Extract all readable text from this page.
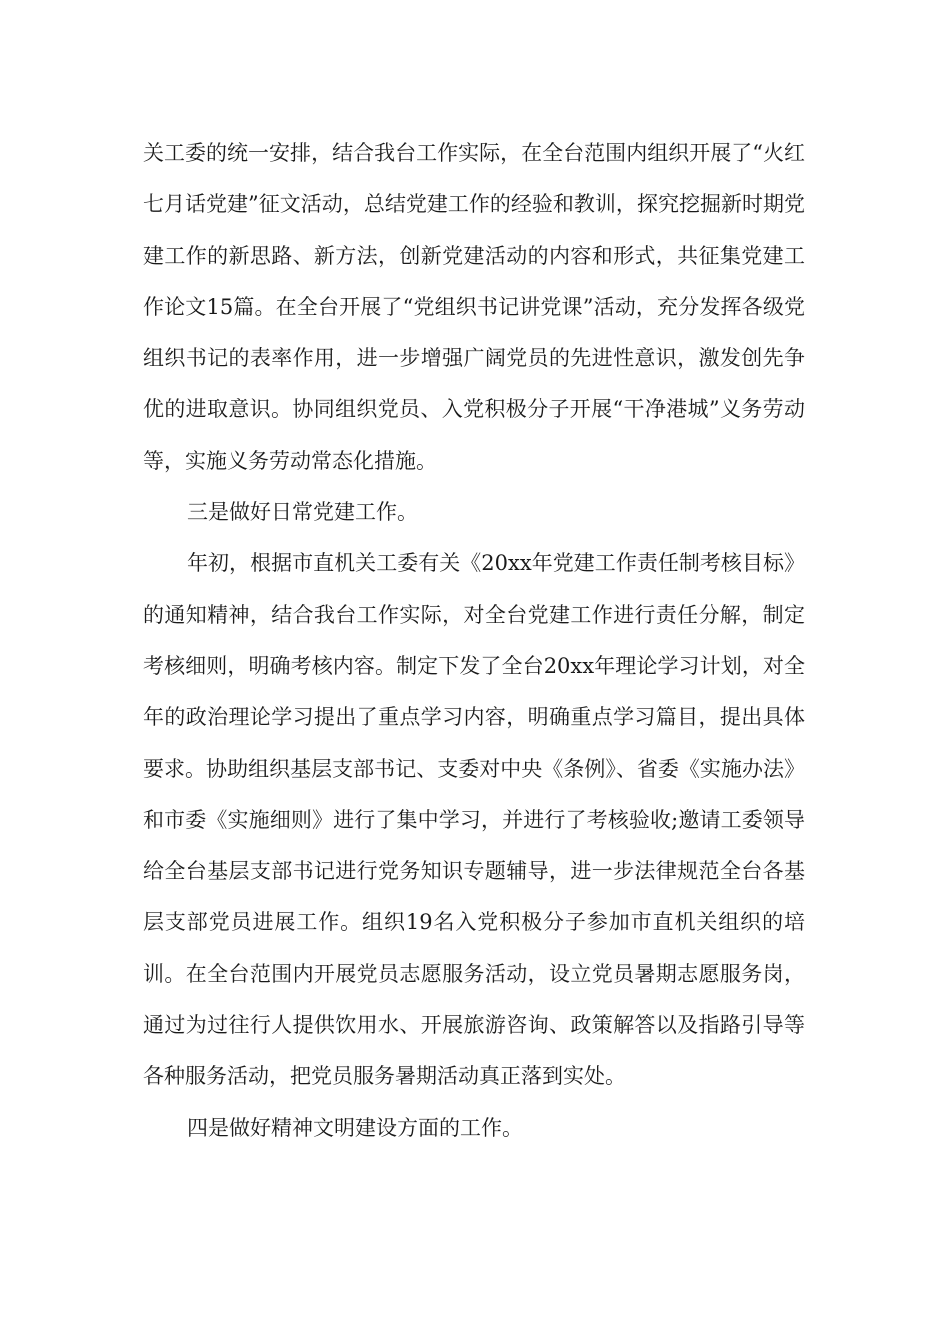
关工委的统一安排，结合我台工作实际，在全台范围内组织开展了“火红七月话党建”征文活动，总结党建工作的经验和教训，探究挖掘新时期党建工作的新思路、新方法，创新党建活动的内容和形式，共征集党建工作论文15篇。在全台开展了“党组织书记讲党课”活动，充分发挥各级党组织书记的表率作用，进一步增强广阔党员的先进性意识，激发创先争优的进取意识。协同组织党员、入党积极分子开展“干净港城”义务劳动等，实施义务劳动常态化措施。

三是做好日常党建工作。

年初，根据市直机关工委有关《20xx年党建工作责任制考核目标》的通知精神，结合我台工作实际，对全台党建工作进行责任分解，制定考核细则，明确考核内容。制定下发了全台20xx年理论学习计划，对全年的政治理论学习提出了重点学习内容，明确重点学习篇目，提出具体要求。协助组织基层支部书记、支委对中央《条例》、省委《实施办法》和市委《实施细则》进行了集中学习，并进行了考核验收;邀请工委领导给全台基层支部书记进行党务知识专题辅导，进一步法律规范全台各基层支部党员进展工作。组织19名入党积极分子参加市直机关组织的培训。在全台范围内开展党员志愿服务活动，设立党员暑期志愿服务岗，通过为过往行人提供饮用水、开展旅游咨询、政策解答以及指路引导等各种服务活动，把党员服务暑期活动真正落到实处。

四是做好精神文明建设方面的工作。
